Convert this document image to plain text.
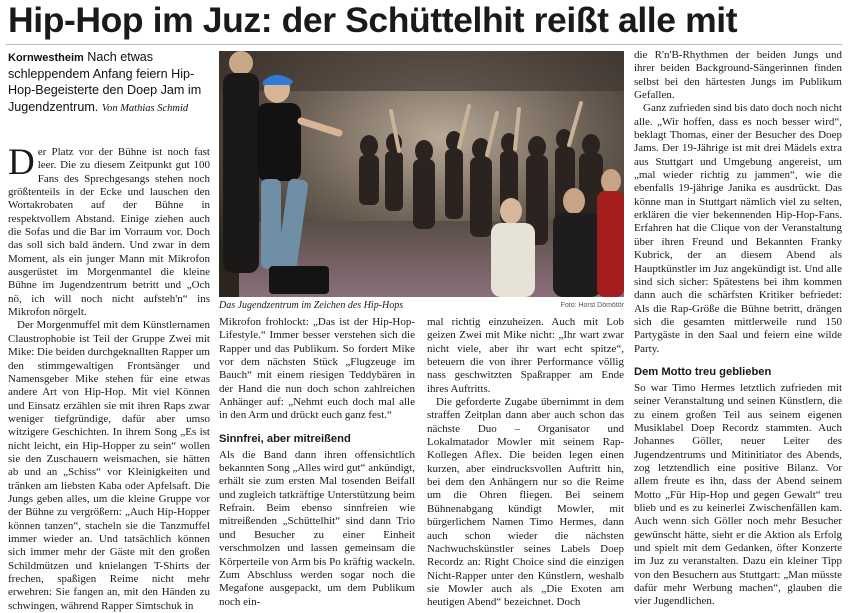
Hip-Hop im Juz: der Schüttelhit reißt alle mit
Kornwestheim Nach etwas schleppendem Anfang feiern Hip-Hop-Begeisterte den Doep Jam im Jugendzentrum. Von Mathias Schmid

Der Platz vor der Bühne ist noch fast leer. Die zu diesem Zeitpunkt gut 100 Fans des Sprechgesangs stehen noch größtenteils in der Ecke und lauschen den Wortakrobaten auf der Bühne in respektvollem Abstand. Einige ziehen auch die Sofas und die Bar im Vorraum vor. Doch das soll sich bald ändern. Und zwar in dem Moment, als ein junger Mann mit Mikrofon ausgerüstet im Morgenmantel die kleine Bühne im Jugendzentrum betritt und „Och nö, ich will noch nicht aufsteh'n“ ins Mikrofon nörgelt.

Der Morgenmuffel mit dem Künstlernamen Claustrophobie ist Teil der Gruppe Zwei mit Mike: Die beiden durchgeknallten Rapper um den stimmgewaltigen Frontsänger und Namensgeber Mike stehen für eine etwas andere Art von Hip-Hop. Mit viel Können und Einsatz erzählen sie mit ihren Raps zwar weniger tiefgründige, dafür aber umso witzigere Geschichten. In ihrem Song „Es ist nicht leicht, ein Hip-Hopper zu sein“ wollen sie den Zuschauern weismachen, sie hätten ab und an „Schiss“ vor Kleinigkeiten und tränken am liebsten Kaba oder Apfelsaft. Die Jungs geben alles, um die kleine Gruppe vor der Bühne zu vergrößern: „Auch Hip-Hopper können tanzen“, stacheln sie die Tanzmuffel immer wieder an. Und tatsächlich können sich immer mehr der Gäste mit den großen Schildmützen und knielangen T-Shirts der frechen, spaßigen Reime nicht mehr erwehren: Sie fangen an, mit den Händen zu schwingen, während Rapper Simtschuk in

Das Jugendzentrum im Zeichen des Hip-Hops	Foto: Horst Dömötör

Mikrofon frohlockt: „Das ist der Hip-Hop-Lifestyle.“ Immer besser verstehen sich die Rapper und das Publikum. So fordert Mike vor dem nächsten Stück „Flugzeuge im Bauch“ mit einem riesigen Teddybären in der Hand die nun doch schon zahlreichen Anhänger auf: „Nehmt euch doch mal alle in den Arm und drückt euch ganz fest.“

Sinnfrei, aber mitreißend

Als die Band dann ihren offensichtlich bekannten Song „Alles wird gut“ ankündigt, erhält sie zum ersten Mal tosenden Beifall und zugleich tatkräftige Unterstützung beim Refrain. Beim ebenso sinnfreien wie mitreißenden „Schüttelhit“ sind dann Trio und Besucher zu einer Einheit verschmolzen und lassen gemeinsam die Körperteile von Arm bis Po kräftig wackeln. Zum Abschluss werden sogar noch die Megafone ausgepackt, um dem Publikum noch ein-

mal richtig einzuheizen. Auch mit Lob geizen Zwei mit Mike nicht: „Ihr wart zwar nicht viele, aber ihr wart echt spitze“, beteuern die von ihrer Performance völlig nass geschwitzten Spaßrapper am Ende ihres Auftritts.

Die geforderte Zugabe übernimmt in dem straffen Zeitplan dann aber auch schon das nächste Duo – Organisator und Lokalmatador Mowler mit seinem Rap-Kollegen Aflex. Die beiden legen einen kurzen, aber eindrucksvollen Auftritt hin, bei dem den Anhängern nur so die Reime um die Ohren fliegen. Bei seinem Bühnenabgang kündigt Mowler, mit bürgerlichem Namen Timo Hermes, dann auch schon wieder die nächsten Nachwuchskünstler seines Labels Doep Recordz an: Right Choice sind die einzigen Nicht-Rapper unter den Künstlern, weshalb sie Mowler auch als „Die Exoten am heutigen Abend“ bezeichnet. Doch

die R'n'B-Rhythmen der beiden Jungs und ihrer beiden Background-Sängerinnen finden selbst bei den härtesten Jungs im Publikum Gefallen.

Ganz zufrieden sind bis dato doch noch nicht alle. „Wir hoffen, dass es noch besser wird“, beklagt Thomas, einer der Besucher des Doep Jams. Der 19-Jährige ist mit drei Mädels extra aus Stuttgart und Umgebung angereist, um „mal wieder richtig zu jammen“, wie die ebenfalls 19-jährige Janika es ausdrückt. Das könne man in Stuttgart nämlich viel zu selten, erklären die vier bekennenden Hip-Hop-Fans. Erfahren hat die Clique von der Veranstaltung über ihren Freund und Bekannten Franky Kubrick, der an diesem Abend als Hauptkünstler im Juz angekündigt ist. Und alle sind sich sicher: Spätestens bei ihm kommen dann auch die schärfsten Kritiker befriedet: Als die Rap-Größe die Bühne betritt, drängen sich die gesamten mittlerweile rund 150 Partygäste in den Saal und feiern eine wilde Party.

Dem Motto treu geblieben

So war Timo Hermes letztlich zufrieden mit seiner Veranstaltung und seinen Künstlern, die zu einem großen Teil aus seinem eigenen Musiklabel Doep Recordz stammten. Auch Johannes Göller, neuer Leiter des Jugendzentrums und Mitinitiator des Abends, zog letztendlich eine positive Bilanz. Vor allem freute es ihn, dass der Abend seinem Motto „Für Hip-Hop und gegen Gewalt“ treu blieb und es zu keinerlei Zwischenfällen kam. Auch wenn sich Göller noch mehr Besucher gewünscht hätte, sieht er die Aktion als Erfolg und spielt mit dem Gedanken, öfter Konzerte im Juz zu veranstalten. Dazu ein kleiner Tipp von den Besuchern aus Stuttgart: „Man müsste dafür mehr Werbung machen“, glauben die vier Jugendlichen.
